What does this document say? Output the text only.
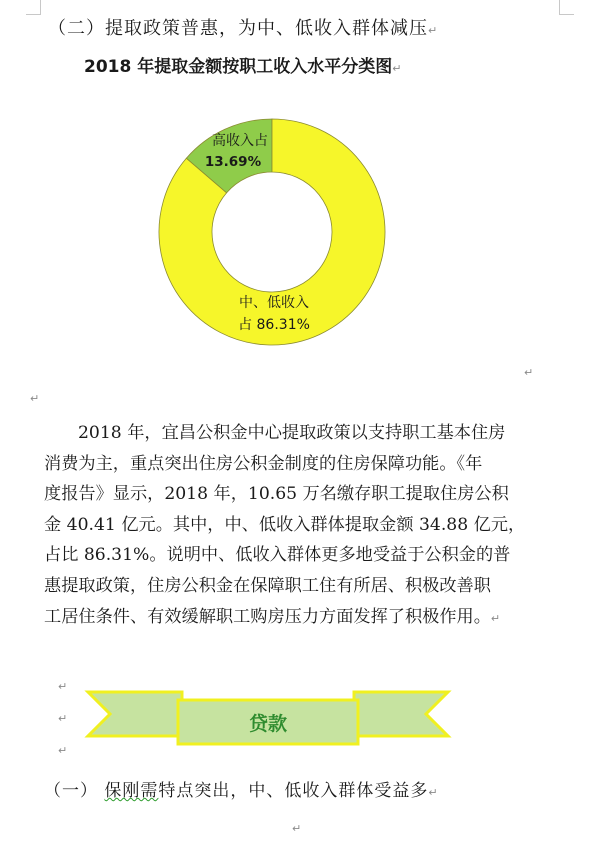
（二）提取政策普惠，为中、低收入群体减压↵
2018 年提取金额按职工收入水平分类图↵
高收入占
13.69%
中、低收入
占 86.31%
贷款
↵
↵
2018 年，宜昌公积金中心提取政策以支持职工基本住房
消费为主，重点突出住房公积金制度的住房保障功能。《年
度报告》显示，2018 年，10.65 万名缴存职工提取住房公积
金 40.41 亿元。其中，中、低收入群体提取金额 34.88 亿元，
占比 86.31%。说明中、低收入群体更多地受益于公积金的普
惠提取政策，住房公积金在保障职工住有所居、积极改善职
工居住条件、有效缓解职工购房压力方面发挥了积极作用。↵
↵
↵
↵
（一） 保刚需特点突出，中、低收入群体受益多↵
↵
